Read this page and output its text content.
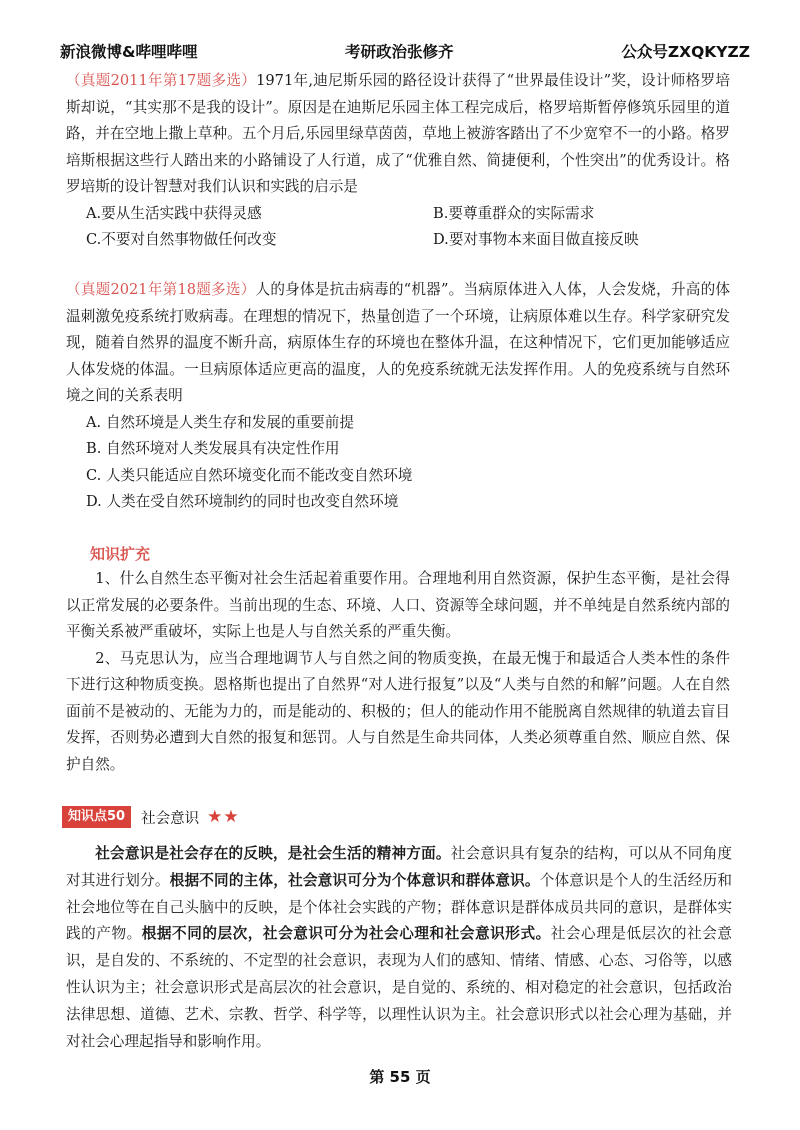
新浪微博&哔哩哔哩	考研政治张修齐	公众号ZXQKYZZ
（真题2011年第17题多选）1971年,迪尼斯乐园的路径设计获得了“世界最佳设计”奖，设计师格罗培斯却说，“其实那不是我的设计”。原因是在迪斯尼乐园主体工程完成后，格罗培斯暂停修筑乐园里的道路，并在空地上撒上草种。五个月后,乐园里绿草茵茵，草地上被游客踏出了不少宽窄不一的小路。格罗培斯根据这些行人踏出来的小路铺设了人行道，成了“优雅自然、简捷便利，个性突出”的优秀设计。格罗培斯的设计智慧对我们认识和实践的启示是
A.要从生活实践中获得灵感	B.要尊重群众的实际需求
C.不要对自然事物做任何改变	D.要对事物本来面目做直接反映
（真题2021年第18题多选）人的身体是抗击病毒的“机器”。当病原体进入人体，人会发烧，升高的体温刺激免疫系统打败病毒。在理想的情况下，热量创造了一个环境，让病原体难以生存。科学家研究发现，随着自然界的温度不断升高，病原体生存的环境也在整体升温，在这种情况下，它们更加能够适应人体发烧的体温。一旦病原体适应更高的温度，人的免疫系统就无法发挥作用。人的免疫系统与自然环境之间的关系表明
A. 自然环境是人类生存和发展的重要前提
B. 自然环境对人类发展具有决定性作用
C. 人类只能适应自然环境变化而不能改变自然环境
D. 人类在受自然环境制约的同时也改变自然环境
知识扩充

1、什么自然生态平衡对社会生活起着重要作用。合理地利用自然资源，保护生态平衡，是社会得以正常发展的必要条件。当前出现的生态、环境、人口、资源等全球问题，并不单纯是自然系统内部的平衡关系被严重破坏，实际上也是人与自然关系的严重失衡。

2、马克思认为，应当合理地调节人与自然之间的物质变换，在最无愧于和最适合人类本性的条件下进行这种物质变换。恩格斯也提出了自然界“对人进行报复”以及“人类与自然的和解”问题。人在自然面前不是被动的、无能为力的，而是能动的、积极的；但人的能动作用不能脱离自然规律的轨道去盲目发挥，否则势必遭到大自然的报复和惩罚。人与自然是生命共同体，人类必须尊重自然、顺应自然、保护自然。

知识点50	社会意识 ★★

社会意识是社会存在的反映，是社会生活的精神方面。社会意识具有复杂的结构，可以从不同角度对其进行划分。根据不同的主体，社会意识可分为个体意识和群体意识。个体意识是个人的生活经历和社会地位等在自己头脑中的反映，是个体社会实践的产物；群体意识是群体成员共同的意识，是群体实践的产物。根据不同的层次，社会意识可分为社会心理和社会意识形式。社会心理是低层次的社会意识，是自发的、不系统的、不定型的社会意识，表现为人们的感知、情绪、情感、心态、习俗等，以感性认识为主；社会意识形式是高层次的社会意识，是自觉的、系统的、相对稳定的社会意识，包括政治法律思想、道德、艺术、宗教、哲学、科学等，以理性认识为主。社会意识形式以社会心理为基础，并对社会心理起指导和影响作用。

第 55 页
